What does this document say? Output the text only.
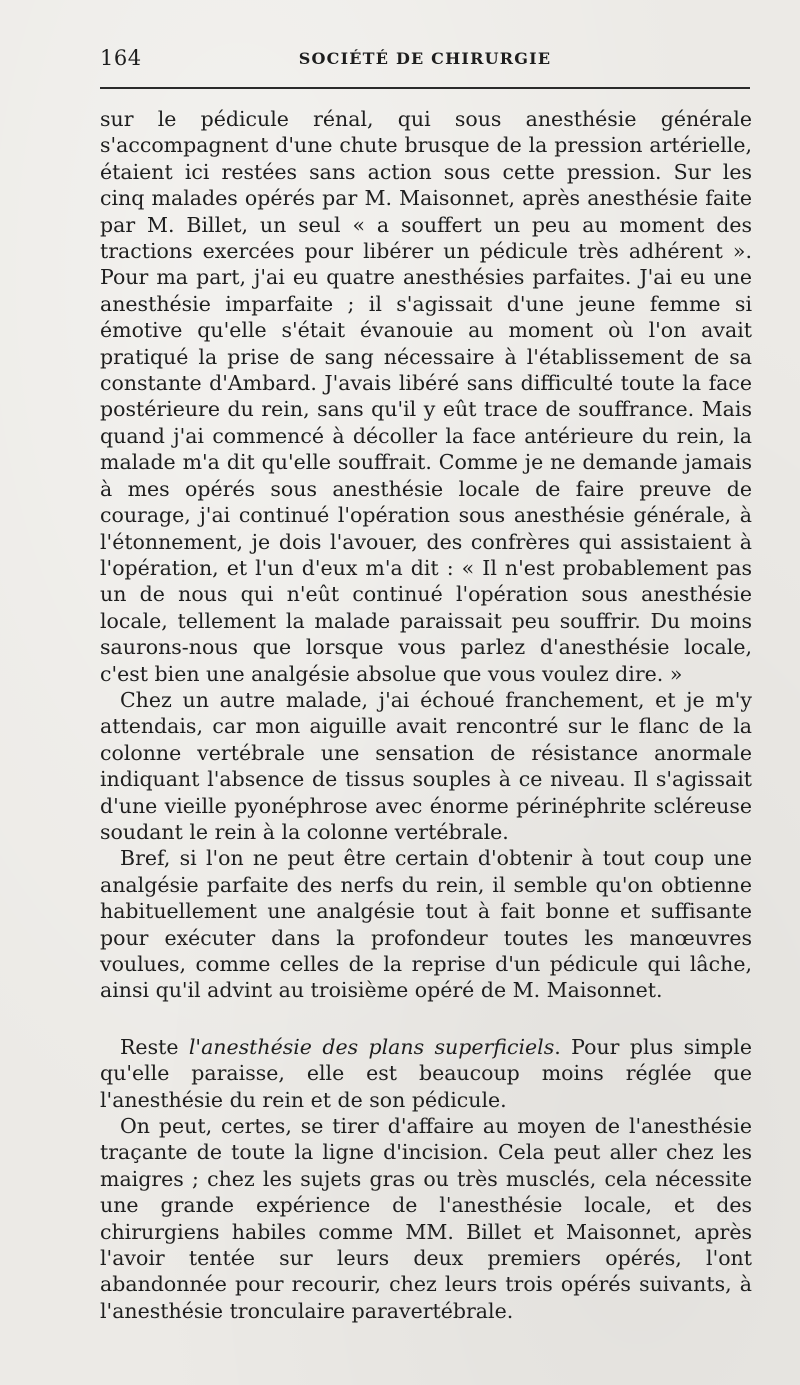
164	SOCIÉTÉ DE CHIRURGIE

sur le pédicule rénal, qui sous anesthésie générale s'accompagnent d'une chute brusque de la pression artérielle, étaient ici restées sans action sous cette pression. Sur les cinq malades opérés par M. Maisonnet, après anesthésie faite par M. Billet, un seul « a souffert un peu au moment des tractions exercées pour libérer un pédicule très adhérent ». Pour ma part, j'ai eu quatre anesthésies parfaites. J'ai eu une anesthésie imparfaite ; il s'agissait d'une jeune femme si émotive qu'elle s'était évanouie au moment où l'on avait pratiqué la prise de sang nécessaire à l'établissement de sa constante d'Ambard. J'avais libéré sans difficulté toute la face postérieure du rein, sans qu'il y eût trace de souffrance. Mais quand j'ai commencé à décoller la face antérieure du rein, la malade m'a dit qu'elle souffrait. Comme je ne demande jamais à mes opérés sous anesthésie locale de faire preuve de courage, j'ai continué l'opération sous anesthésie générale, à l'étonnement, je dois l'avouer, des confrères qui assistaient à l'opération, et l'un d'eux m'a dit : « Il n'est probablement pas un de nous qui n'eût continué l'opération sous anesthésie locale, tellement la malade paraissait peu souffrir. Du moins saurons-nous que lorsque vous parlez d'anesthésie locale, c'est bien une analgésie absolue que vous voulez dire. »

Chez un autre malade, j'ai échoué franchement, et je m'y attendais, car mon aiguille avait rencontré sur le flanc de la colonne vertébrale une sensation de résistance anormale indiquant l'absence de tissus souples à ce niveau. Il s'agissait d'une vieille pyonéphrose avec énorme périnéphrite scléreuse soudant le rein à la colonne vertébrale.

Bref, si l'on ne peut être certain d'obtenir à tout coup une analgésie parfaite des nerfs du rein, il semble qu'on obtienne habituellement une analgésie tout à fait bonne et suffisante pour exécuter dans la profondeur toutes les manœuvres voulues, comme celles de la reprise d'un pédicule qui lâche, ainsi qu'il advint au troisième opéré de M. Maisonnet.

Reste l'anesthésie des plans superficiels. Pour plus simple qu'elle paraisse, elle est beaucoup moins réglée que l'anesthésie du rein et de son pédicule.

On peut, certes, se tirer d'affaire au moyen de l'anesthésie traçante de toute la ligne d'incision. Cela peut aller chez les maigres ; chez les sujets gras ou très musclés, cela nécessite une grande expérience de l'anesthésie locale, et des chirurgiens habiles comme MM. Billet et Maisonnet, après l'avoir tentée sur leurs deux premiers opérés, l'ont abandonnée pour recourir, chez leurs trois opérés suivants, à l'anesthésie tronculaire paravertébrale.
